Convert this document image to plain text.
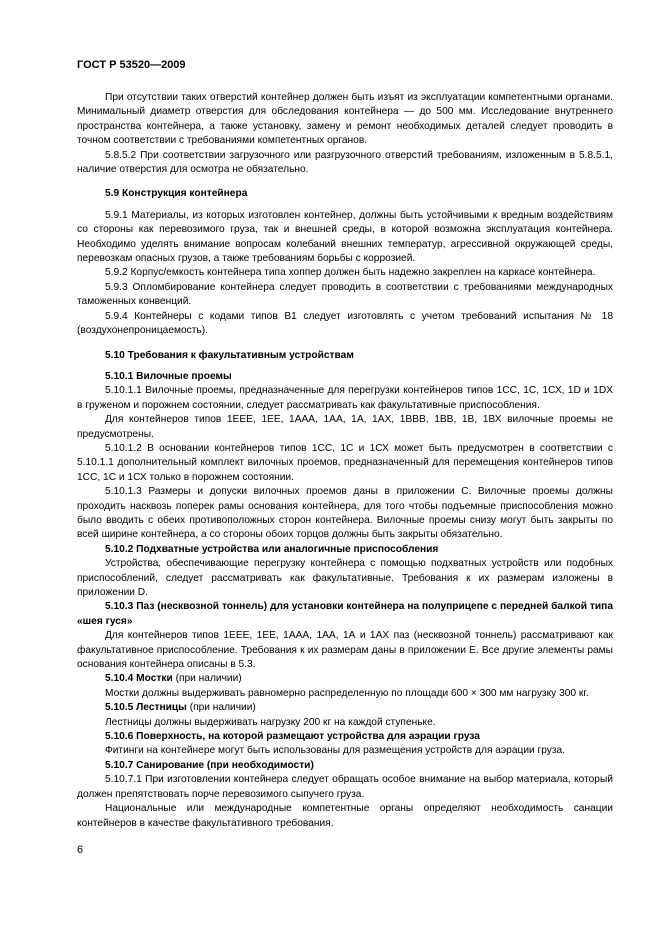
ГОСТ Р 53520—2009

При отсутствии таких отверстий контейнер должен быть изъят из эксплуатации компетентными органами. Минимальный диаметр отверстия для обследования контейнера — до 500 мм. Исследование внутреннего пространства контейнера, а также установку, замену и ремонт необходимых деталей следует проводить в точном соответствии с требованиями компетентных органов.

5.8.5.2 При соответствии загрузочного или разгрузочного отверстий требованиям, изложенным в 5.8.5.1, наличие отверстия для осмотра не обязательно.

5.9 Конструкция контейнера

5.9.1 Материалы, из которых изготовлен контейнер, должны быть устойчивыми к вредным воздействиям со стороны как перевозимого груза, так и внешней среды, в которой возможна эксплуатация контейнера. Необходимо уделять внимание вопросам колебаний внешних температур, агрессивной окружающей среды, перевозкам опасных грузов, а также требованиям борьбы с коррозией.

5.9.2 Корпус/емкость контейнера типа хоппер должен быть надежно закреплен на каркасе контейнера.

5.9.3 Опломбирование контейнера следует проводить в соответствии с требованиями международных таможенных конвенций.

5.9.4 Контейнеры с кодами типов В1 следует изготовлять с учетом требований испытания № 18 (воздухонепроницаемость).

5.10 Требования к факультативным устройствам

5.10.1 Вилочные проемы

5.10.1.1 Вилочные проемы, предназначенные для перегрузки контейнеров типов 1СС, 1С, 1СХ, 1D и 1DX в груженом и порожнем состоянии, следует рассматривать как факультативные приспособления.

Для контейнеров типов 1ЕЕЕ, 1ЕЕ, 1ААА, 1АА, 1А, 1АХ, 1ВВВ, 1ВВ, 1В, 1ВХ вилочные проемы не предусмотрены.

5.10.1.2 В основании контейнеров типов 1СС, 1С и 1СХ может быть предусмотрен в соответствии с 5.10.1.1 дополнительный комплект вилочных проемов, предназначенный для перемещения контейнеров типов 1СС, 1С и 1СХ только в порожнем состоянии.

5.10.1.3 Размеры и допуски вилочных проемов даны в приложении С. Вилочные проемы должны проходить насквозь поперек рамы основания контейнера, для того чтобы подъемные приспособления можно было вводить с обеих противоположных сторон контейнера. Вилочные проемы снизу могут быть закрыты по всей ширине контейнера, а со стороны обоих торцов должны быть закрыты обязательно.

5.10.2 Подхватные устройства или аналогичные приспособления

Устройства, обеспечивающие перегрузку контейнера с помощью подхватных устройств или подобных приспособлений, следует рассматривать как факультативные. Требования к их размерам изложены в приложении D.

5.10.3 Паз (несквозной тоннель) для установки контейнера на полуприцепе с передней балкой типа «шея гуся»

Для контейнеров типов 1ЕЕЕ, 1ЕЕ, 1ААА, 1АА, 1А и 1АХ паз (несквозной тоннель) рассматривают как факультативное приспособление. Требования к их размерам даны в приложении Е. Все другие элементы рамы основания контейнера описаны в 5.3.

5.10.4 Мостки (при наличии)

Мостки должны выдерживать равномерно распределенную по площади 600 × 300 мм нагрузку 300 кг.

5.10.5 Лестницы (при наличии)

Лестницы должны выдерживать нагрузку 200 кг на каждой ступеньке.

5.10.6 Поверхность, на которой размещают устройства для аэрации груза

Фитинги на контейнере могут быть использованы для размещения устройств для аэрации груза.

5.10.7 Санирование (при необходимости)

5.10.7.1 При изготовлении контейнера следует обращать особое внимание на выбор материала, который должен препятствовать порче перевозимого сыпучего груза.

Национальные или международные компетентные органы определяют необходимость санации контейнеров в качестве факультативного требования.

6
